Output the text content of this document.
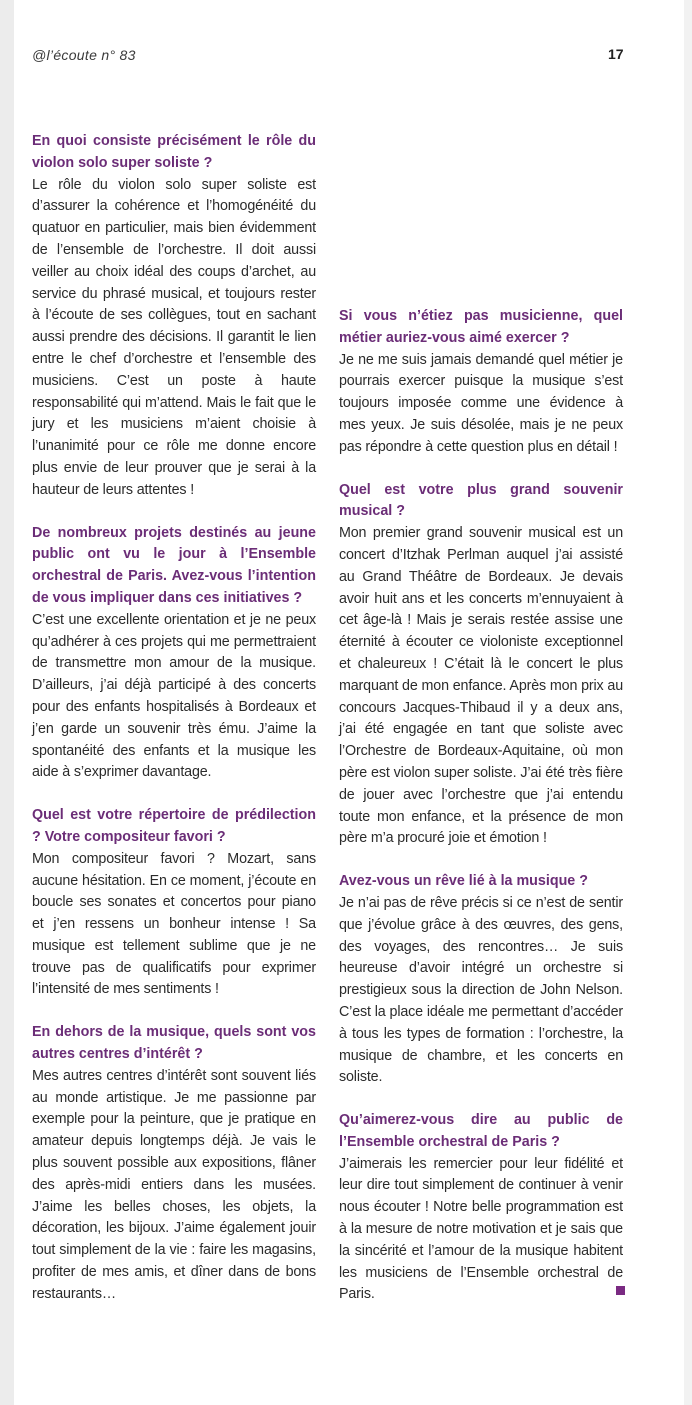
@l’écoute n° 83	17

En quoi consiste précisément le rôle du violon solo super soliste ?

Le rôle du violon solo super soliste est d’assurer la cohérence et l’homogénéité du quatuor en particulier, mais bien évidemment de l’ensemble de l’orchestre. Il doit aussi veiller au choix idéal des coups d’archet, au service du phrasé musical, et toujours rester à l’écoute de ses collègues, tout en sachant aussi prendre des décisions. Il garantit le lien entre le chef d’orchestre et l’ensemble des musiciens. C’est un poste à haute responsabilité qui m’attend. Mais le fait que le jury et les musiciens m’aient choisie à l’unanimité pour ce rôle me donne encore plus envie de leur prouver que je serai à la hauteur de leurs attentes !

De nombreux projets destinés au jeune public ont vu le jour à l’Ensemble orchestral de Paris. Avez-vous l’intention de vous impliquer dans ces initiatives ?

C’est une excellente orientation et je ne peux qu’adhérer à ces projets qui me permettraient de transmettre mon amour de la musique. D’ailleurs, j’ai déjà participé à des concerts pour des enfants hospitalisés à Bordeaux et j’en garde un souvenir très ému. J’aime la spontanéité des enfants et la musique les aide à s’exprimer davantage.

Quel est votre répertoire de prédilection ? Votre compositeur favori ?

Mon compositeur favori ? Mozart, sans aucune hésitation. En ce moment, j’écoute en boucle ses sonates et concertos pour piano et j’en ressens un bonheur intense ! Sa musique est tellement sublime que je ne trouve pas de qualificatifs pour exprimer l’intensité de mes sentiments !

En dehors de la musique, quels sont vos autres centres d’intérêt ?

Mes autres centres d’intérêt sont souvent liés au monde artistique. Je me passionne par exemple pour la peinture, que je pratique en amateur depuis longtemps déjà. Je vais le plus souvent possible aux expositions, flâner des après-midi entiers dans les musées. J’aime les belles choses, les objets, la décoration, les bijoux. J’aime également jouir tout simplement de la vie : faire les magasins, profiter de mes amis, et dîner dans de bons restaurants…

Si vous n’étiez pas musicienne, quel métier auriez-vous aimé exercer ?

Je ne me suis jamais demandé quel métier je pourrais exercer puisque la musique s’est toujours imposée comme une évidence à mes yeux. Je suis désolée, mais je ne peux pas répondre à cette question plus en détail !

Quel est votre plus grand souvenir musical ?

Mon premier grand souvenir musical est un concert d’Itzhak Perlman auquel j’ai assisté au Grand Théâtre de Bordeaux. Je devais avoir huit ans et les concerts m’ennuyaient à cet âge-là ! Mais je serais restée assise une éternité à écouter ce violoniste exceptionnel et chaleureux ! C’était là le concert le plus marquant de mon enfance. Après mon prix au concours Jacques-Thibaud il y a deux ans, j’ai été engagée en tant que soliste avec l’Orchestre de Bordeaux-Aquitaine, où mon père est violon super soliste. J’ai été très fière de jouer avec l’orchestre que j’ai entendu toute mon enfance, et la présence de mon père m’a procuré joie et émotion !

Avez-vous un rêve lié à la musique ?

Je n’ai pas de rêve précis si ce n’est de sentir que j’évolue grâce à des œuvres, des gens, des voyages, des rencontres… Je suis heureuse d’avoir intégré un orchestre si prestigieux sous la direction de John Nelson. C’est la place idéale me permettant d’accéder à tous les types de formation : l’orchestre, la musique de chambre, et les concerts en soliste.

Qu’aimerez-vous dire au public de l’Ensemble orchestral de Paris ?

J’aimerais les remercier pour leur fidélité et leur dire tout simplement de continuer à venir nous écouter ! Notre belle programmation est à la mesure de notre motivation et je sais que la sincérité et l’amour de la musique habitent les musiciens de l’Ensemble orchestral de Paris.
